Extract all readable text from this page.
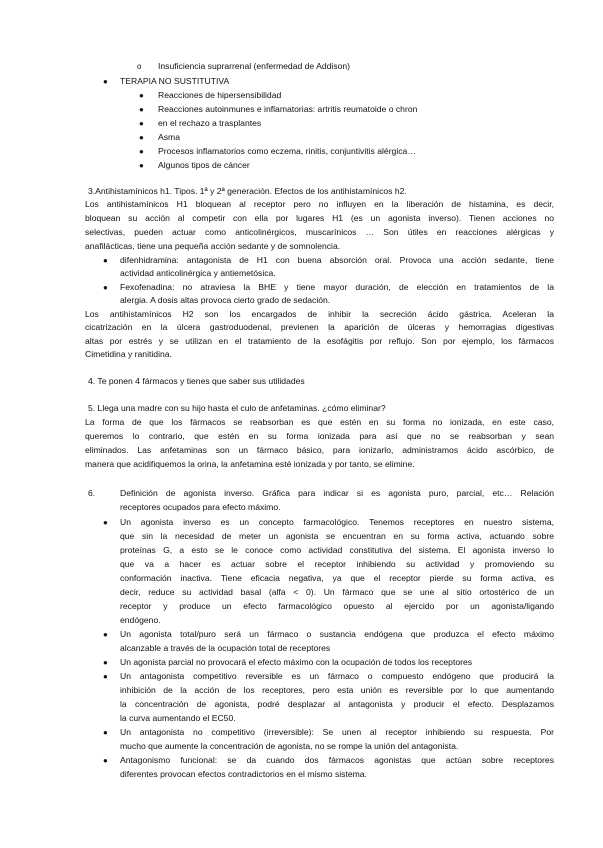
o Insuficiencia suprarrenal (enfermedad de Addison)
● TERAPIA NO SUSTITUTIVA
● Reacciones de hipersensibilidad
● Reacciones autoinmunes e inflamatorias: artritis reumatoide o chron
● en el rechazo a trasplantes
● Asma
● Procesos inflamatorios como eczema, rinitis, conjuntivitis alérgica…
● Algunos tipos de cáncer
3.Antihistamínicos h1. Tipos. 1ª y 2ª generación. Efectos de los antihistamínicos h2.
Los antihistamínicos H1 bloquean al receptor pero no influyen en la liberación de histamina, es decir,
bloquean su acción al competir con ella por lugares H1 (es un agonista inverso). Tienen acciones no
selectivas, pueden actuar como anticolinérgicos, muscarínicos … Son útiles en reacciones alérgicas y
anafilácticas, tiene una pequeña acción sedante y de somnolencia.
● difenhidramina: antagonista de H1 con buena absorción oral. Provoca una acción sedante, tiene
actividad anticolinérgica y antiemetósica.
● Fexofenadina: no atraviesa la BHE y tiene mayor duración, de elección en tratamientos de la
alergia. A dosis altas provoca cierto grado de sedación.
Los antihistamínicos H2 son los encargados de inhibir la secreción ácido gástrica. Aceleran la
cicatrización en la úlcera gastroduodenal, previenen la aparición de úlceras y hemorragias digestivas
altas por estrés y se utilizan en el tratamiento de la esofágitis por reflujo. Son por ejemplo, los fármacos
Cimetidina y ranitidina.
4. Te ponen 4 fármacos y tienes que saber sus utilidades
5. Llega una madre con su hijo hasta el culo de anfetaminas. ¿cómo eliminar?
La forma de que los fármacos se reabsorban es que estén en su forma no ionizada, en este caso,
queremos lo contrario, que estén en su forma ionizada para así que no se reabsorban y sean
eliminados. Las anfetaminas son un fármaco básico, para ionizarlo, administramos ácido ascórbico, de
manera que acidifiquemos la orina, la anfetamina esté ionizada y por tanto, se elimine.
6.	Definición de agonista inverso. Gráfica para indicar si es agonista puro, parcial, etc… Relación
receptores ocupados para efecto máximo.
● Un agonista inverso es un concepto farmacológico. Tenemos receptores en nuestro sistema,
que sin la necesidad de meter un agonista se encuentran en su forma activa, actuando sobre
proteínas G, a esto se le conoce como actividad constitutiva del sistema. El agonista inverso lo
que va a hacer es actuar sobre el receptor inhibiendo su actividad y promoviendo su
conformación inactiva. Tiene eficacia negativa, ya que el receptor pierde su forma activa, es
decir, reduce su actividad basal (alfa < 0). Un fármaco que se une al sitio ortostérico de un
receptor y produce un efecto farmacológico opuesto al ejercido por un agonista/ligando
endógeno.
● Un agonista total/puro será un fármaco o sustancia endógena que produzca el efecto máximo
alcanzable a través de la ocupación total de receptores
● Un agonista parcial no provocará el efecto máximo con la ocupación de todos los receptores
● Un antagonista competitivo reversible es un fármaco o compuesto endógeno que producirá la
inhibición de la acción de los receptores, pero esta unión es reversible por lo que aumentando
la concentración de agonista, podré desplazar al antagonista y producir el efecto. Desplazamos
la curva aumentando el EC50.
● Un antagonista no competitivo (irreversible): Se unen al receptor inhibiendo su respuesta. Por
mucho que aumente la concentración de agonista, no se rompe la unión del antagonista.
● Antagonismo funcional: se da cuando dos fármacos agonistas que actúan sobre receptores
diferentes provocan efectos contradictorios en el mismo sistema.
